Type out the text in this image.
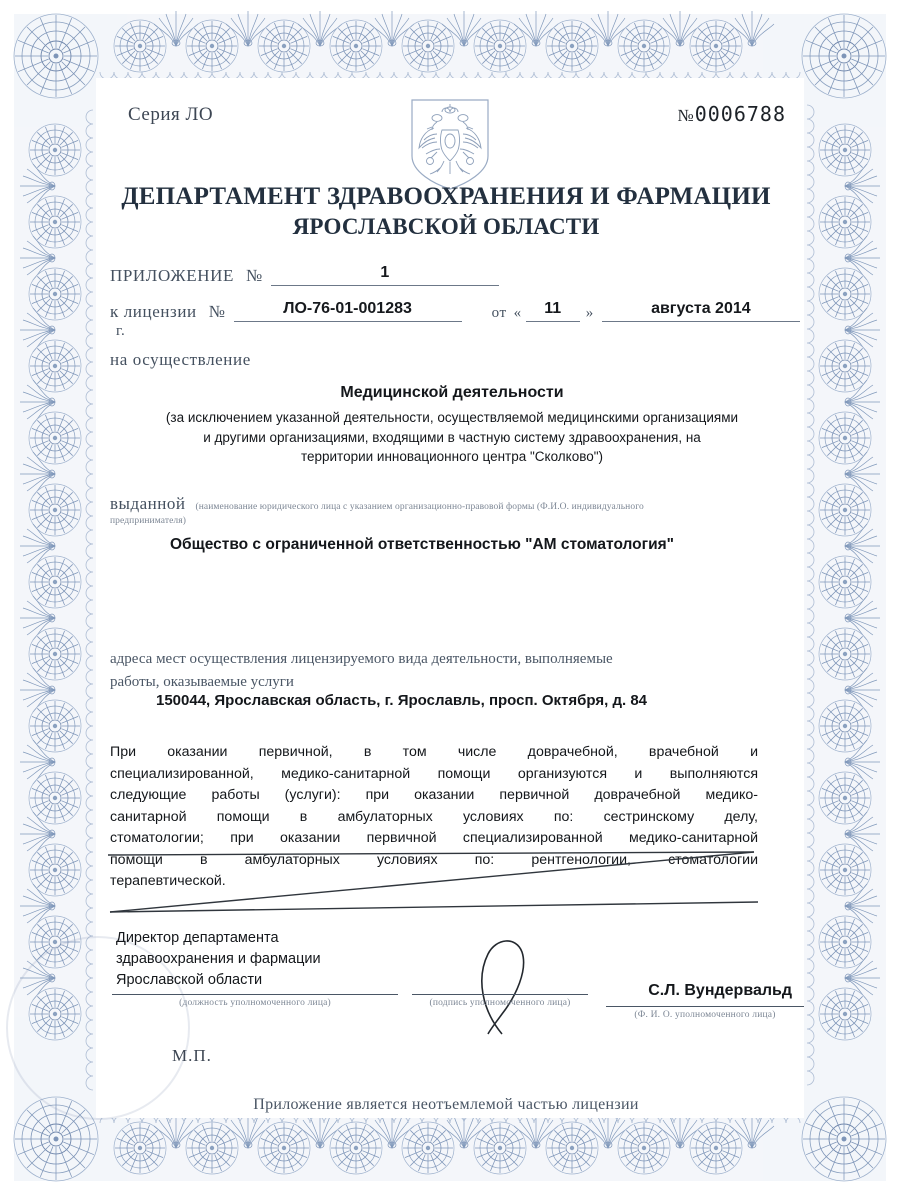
Серия ЛО	№0006788
ДЕПАРТАМЕНТ ЗДРАВООХРАНЕНИЯ И ФАРМАЦИИ
ЯРОСЛАВСКОЙ ОБЛАСТИ
ПРИЛОЖЕНИЕ №	1
к лицензии №	ЛО-76-01-001283	от « 11 »	августа 2014 г.
на осуществление
Медицинской деятельности
(за исключением указанной деятельности, осуществляемой медицинскими организациями
и другими организациями, входящими в частную систему здравоохранения, на
территории инновационного центра "Сколково")
выданной (наименование юридического лица с указанием организационно-правовой формы (Ф.И.О. индивидуального
предпринимателя)
Общество с ограниченной ответственностью "АМ стоматология"
адреса мест осуществления лицензируемого вида деятельности, выполняемые
работы, оказываемые услуги
150044, Ярославская область, г. Ярославль, просп. Октября, д. 84
При оказании первичной, в том числе доврачебной, врачебной и
специализированной, медико-санитарной помощи организуются и выполняются
следующие работы (услуги): при оказании первичной доврачебной медико-
санитарной помощи в амбулаторных условиях по: сестринскому делу,
стоматологии; при оказании первичной специализированной медико-санитарной
помощи в амбулаторных условиях по: рентгенологии, стоматологии
терапевтической.
Директор департамента
здравоохранения и фармации
Ярославской области
(должность уполномоченного лица)	(подпись уполномоченного лица)
С.Л. Вундервальд
(Ф. И. О. уполномоченного лица)
М.П.
Приложение является неотъемлемой частью лицензии
